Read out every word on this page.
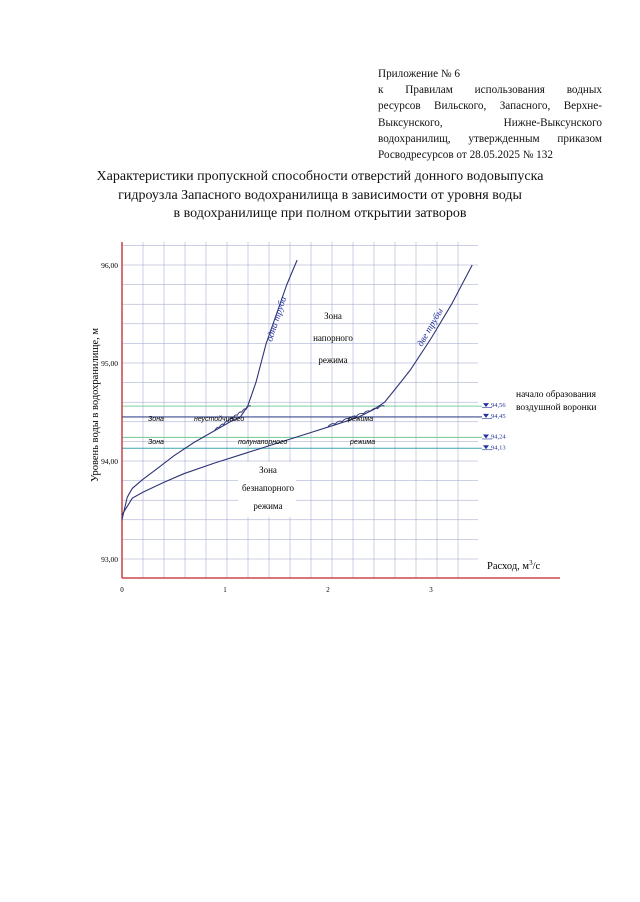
Приложение № 6
к Правилам использования водных
ресурсов Вильского, Запасного, Верхне-
Выксунского, Нижне-Выксунского
водохранилищ, утвержденным приказом
Росводресурсов от 28.05.2025 № 132
Характеристики пропускной способности отверстий донного водовыпуска
гидроузла Запасного водохранилища в зависимости от уровня воды
в водохранилище при полном открытии затворов
94,56
94,45
94,24
94,13
0	1	2	3
93,00
94,00
95,00
96,00
Уровень воды в водохранилище, м
Расход, $м^3/с$
одна труба	две трубы
начало образования
воздушной воронки
Зона
напорного
режима
Зона
безнапорного
режима
Зона	неустойчивого	режима
Зона	полунапорного	режима
